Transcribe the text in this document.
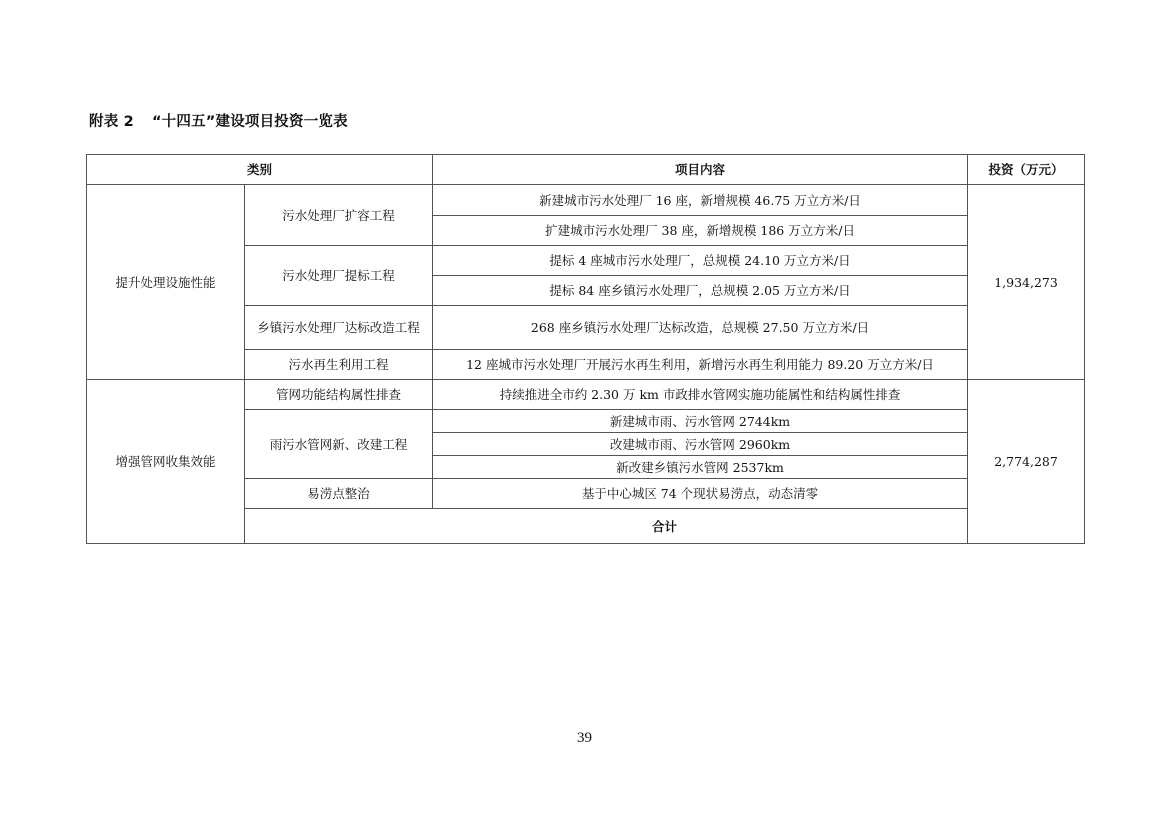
附表 2 “十四五”建设项目投资一览表
类别		项目内容	投资（万元）	
提升处理设施性能	污水处理厂扩容工程	新建城市污水处理厂 16 座，新增规模 46.75 万立方米/日	1,934,273	
		扩建城市污水处理厂 38 座，新增规模 186 万立方米/日		
	污水处理厂提标工程	提标 4 座城市污水处理厂，总规模 24.10 万立方米/日		
		提标 84 座乡镇污水处理厂，总规模 2.05 万立方米/日		
	乡镇污水处理厂达标改造工程	268 座乡镇污水处理厂达标改造，总规模 27.50 万立方米/日		
	污水再生利用工程	12 座城市污水处理厂开展污水再生利用，新增污水再生利用能力 89.20 万立方米/日		
增强管网收集效能	管网功能结构属性排查	持续推进全市约 2.30 万 km 市政排水管网实施功能属性和结构属性排查	2,774,287	
	雨污水管网新、改建工程	新建城市雨、污水管网 2744km		
		改建城市雨、污水管网 2960km		
		新改建乡镇污水管网 2537km		
	易涝点整治	基于中心城区 74 个现状易涝点，动态清零		
	合计	
39
